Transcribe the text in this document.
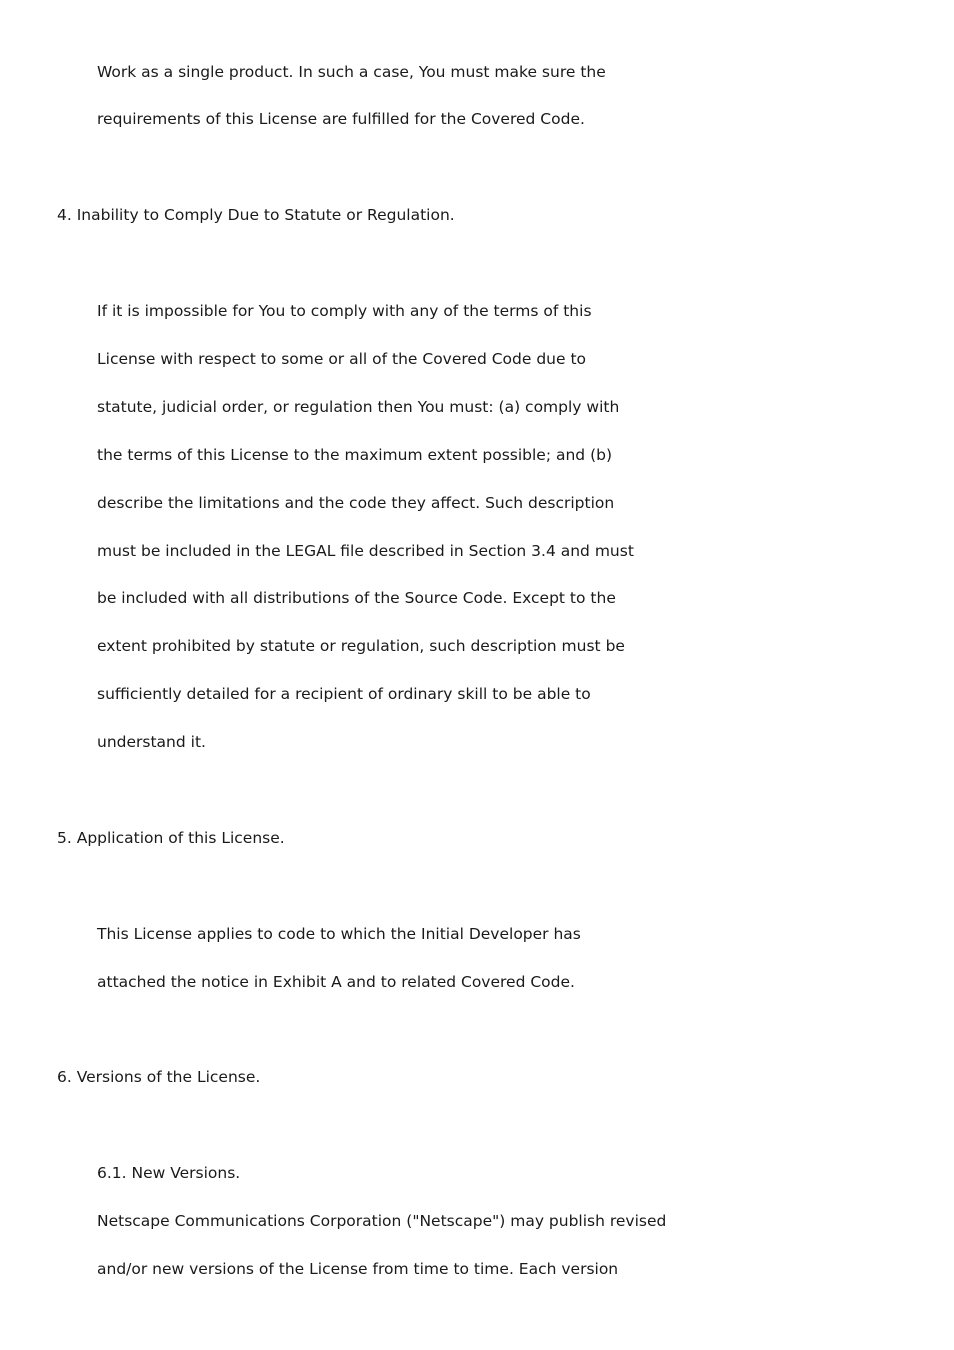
Work as a single product. In such a case, You must make sure the

requirements of this License are fulfilled for the Covered Code.

4. Inability to Comply Due to Statute or Regulation.

If it is impossible for You to comply with any of the terms of this

License with respect to some or all of the Covered Code due to

statute, judicial order, or regulation then You must: (a) comply with

the terms of this License to the maximum extent possible; and (b)

describe the limitations and the code they affect. Such description

must be included in the LEGAL file described in Section 3.4 and must

be included with all distributions of the Source Code. Except to the

extent prohibited by statute or regulation, such description must be

sufficiently detailed for a recipient of ordinary skill to be able to

understand it.

5. Application of this License.

This License applies to code to which the Initial Developer has

attached the notice in Exhibit A and to related Covered Code.

6. Versions of the License.

6.1. New Versions.

Netscape Communications Corporation ("Netscape") may publish revised

and/or new versions of the License from time to time. Each version
